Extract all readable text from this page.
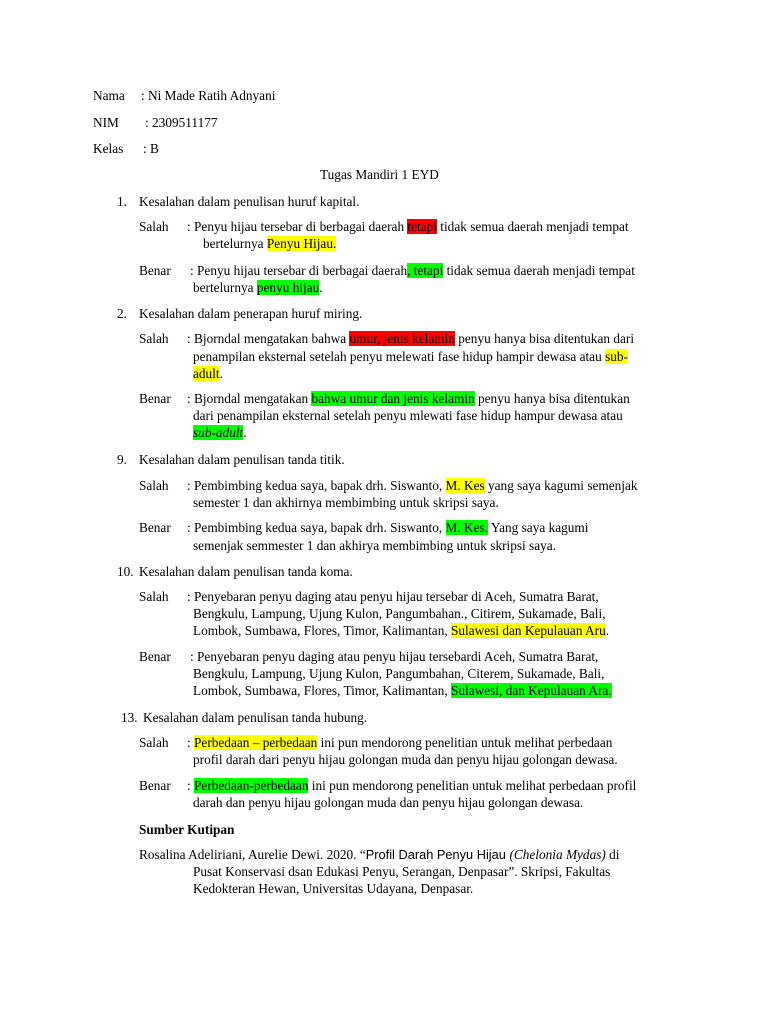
Nama : Ni Made Ratih Adnyani
NIM : 2309511177
Kelas : B
Tugas Mandiri 1 EYD
1. Kesalahan dalam penulisan huruf kapital.
Salah : Penyu hijau tersebar di berbagai daerah tetapi tidak semua daerah menjadi tempat
bertelurnya Penyu Hijau.
Benar : Penyu hijau tersebar di berbagai daerah, tetapi tidak semua daerah menjadi tempat
bertelurnya penyu hijau.
2. Kesalahan dalam penerapan huruf miring.
Salah : Bjorndal mengatakan bahwa umur, jenis kelamin penyu hanya bisa ditentukan dari
penampilan eksternal setelah penyu melewati fase hidup hampir dewasa atau sub-
adult.
Benar : Bjorndal mengatakan bahwa umur dan jenis kelamin penyu hanya bisa ditentukan
dari penampilan eksternal setelah penyu mlewati fase hidup hampur dewasa atau
sub-adult.
9. Kesalahan dalam penulisan tanda titik.
Salah : Pembimbing kedua saya, bapak drh. Siswanto, M. Kes yang saya kagumi semenjak
semester 1 dan akhirnya membimbing untuk skripsi saya.
Benar : Pembimbing kedua saya, bapak drh. Siswanto, M. Kes. Yang saya kagumi
semenjak semmester 1 dan akhirya membimbing untuk skripsi saya.
10. Kesalahan dalam penulisan tanda koma.
Salah : Penyebaran penyu daging atau penyu hijau tersebar di Aceh, Sumatra Barat,
Bengkulu, Lampung, Ujung Kulon, Pangumbahan., Citirem, Sukamade, Bali,
Lombok, Sumbawa, Flores, Timor, Kalimantan, Sulawesi dan Kepulauan Aru.
Benar : Penyebaran penyu daging atau penyu hijau tersebardi Aceh, Sumatra Barat,
Bengkulu, Lampung, Ujung Kulon, Pangumbahan, Citerem, Sukamade, Bali,
Lombok, Sumbawa, Flores, Timor, Kalimantan, Sulawesi, dan Kepulauan Ara.
13. Kesalahan dalam penulisan tanda hubung.
Salah : Perbedaan – perbedaan ini pun mendorong penelitian untuk melihat perbedaan
profil darah dari penyu hijau golongan muda dan penyu hijau golongan dewasa.
Benar : Perbedaan-perbedaan ini pun mendorong penelitian untuk melihat perbedaan profil
darah dan penyu hijau golongan muda dan penyu hijau golongan dewasa.
Sumber Kutipan
Rosalina Adeliriani, Aurelie Dewi. 2020. “Profil Darah Penyu Hijau (Chelonia Mydas) di
Pusat Konservasi dsan Edukasi Penyu, Serangan, Denpasar”. Skripsi, Fakultas
Kedokteran Hewan, Universitas Udayana, Denpasar.
